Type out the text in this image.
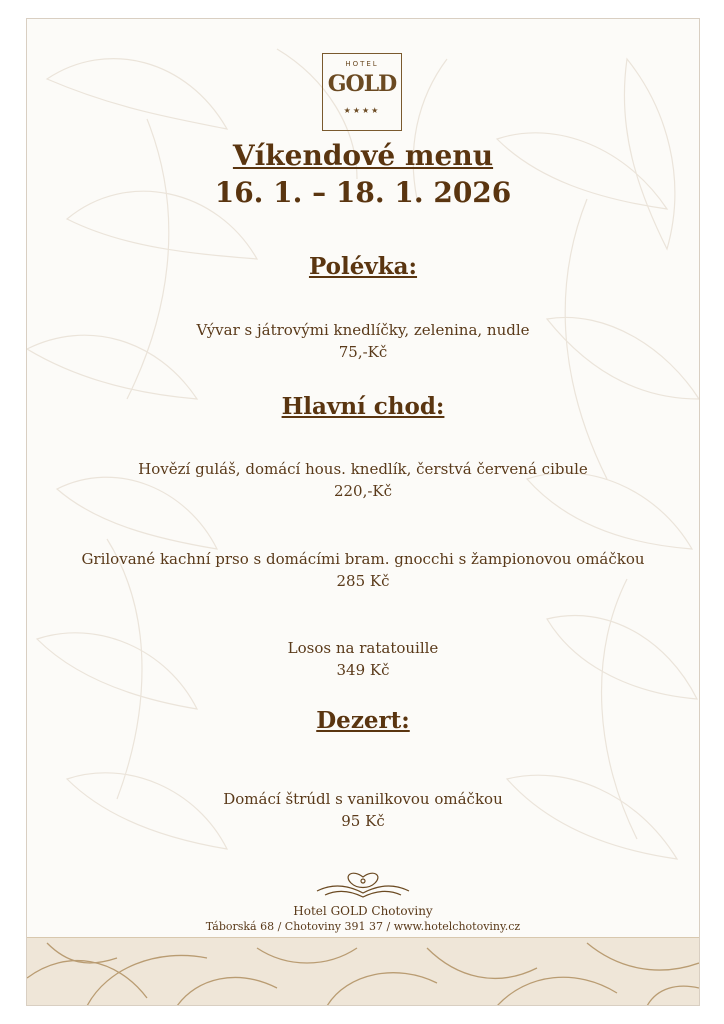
HOTEL
GOLD
★★★★
Víkendové menu
16. 1. – 18. 1. 2026
Polévka:
Vývar s játrovými knedlíčky, zelenina, nudle
75,-Kč
Hlavní chod:
Hovězí guláš, domácí hous. knedlík, čerstvá červená cibule
220,-Kč
Grilované kachní prso s domácími bram. gnocchi s žampionovou omáčkou
285 Kč
Losos na ratatouille
349 Kč
Dezert:
Domácí štrúdl s vanilkovou omáčkou
95 Kč
Hotel GOLD Chotoviny
Táborská 68 / Chotoviny 391 37 / www.hotelchotoviny.cz
